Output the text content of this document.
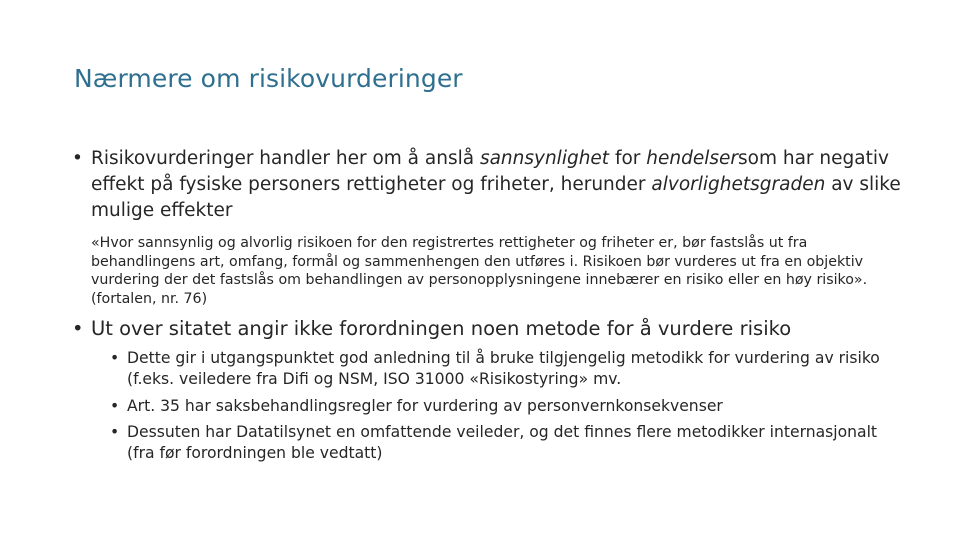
Nærmere om risikovurderinger
• Risikovurderinger handler her om å anslå sannsynlighet for hendelsersom har negativ effekt på fysiske personers rettigheter og friheter, herunder alvorlighetsgraden av slike mulige effekter
«Hvor sannsynlig og alvorlig risikoen for den registrertes rettigheter og friheter er, bør fastslås ut fra behandlingens art, omfang, formål og sammenhengen den utføres i. Risikoen bør vurderes ut fra en objektiv vurdering der det fastslås om behandlingen av personopplysningene innebærer en risiko eller en høy risiko». (fortalen, nr. 76)
• Ut over sitatet angir ikke forordningen noen metode for å vurdere risiko
• Dette gir i utgangspunktet god anledning til å bruke tilgjengelig metodikk for vurdering av risiko (f.eks. veiledere fra Difi og NSM, ISO 31000 «Risikostyring» mv.
• Art. 35 har saksbehandlingsregler for vurdering av personvernkonsekvenser
• Dessuten har Datatilsynet en omfattende veileder, og det finnes flere metodikker internasjonalt (fra før forordningen ble vedtatt)
